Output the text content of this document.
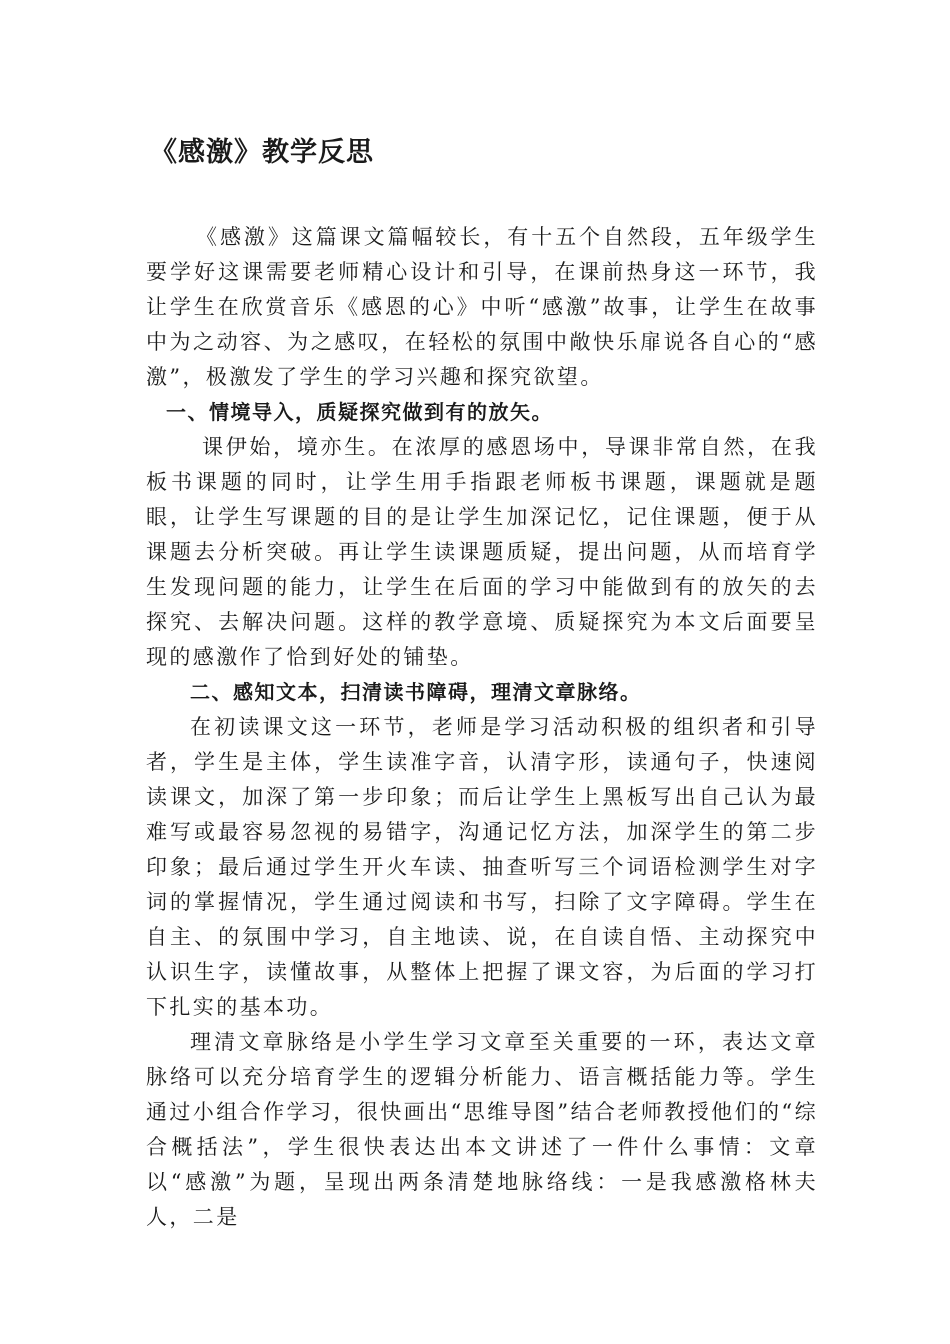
《感激》教学反思

《感激》这篇课文篇幅较长，有十五个自然段，五年级学生要学好这课需要老师精心设计和引导，在课前热身这一环节，我让学生在欣赏音乐《感恩的心》中听“感激”故事，让学生在故事中为之动容、为之感叹，在轻松的氛围中敞快乐扉说各自心的“感激”，极激发了学生的学习兴趣和探究欲望。

一、情境导入，质疑探究做到有的放矢。

课伊始，境亦生。在浓厚的感恩场中，导课非常自然，在我板书课题的同时，让学生用手指跟老师板书课题，课题就是题眼，让学生写课题的目的是让学生加深记忆，记住课题，便于从课题去分析突破。再让学生读课题质疑，提出问题，从而培育学生发现问题的能力，让学生在后面的学习中能做到有的放矢的去探究、去解决问题。这样的教学意境、质疑探究为本文后面要呈现的感激作了恰到好处的铺垫。

二、感知文本，扫清读书障碍，理清文章脉络。

在初读课文这一环节，老师是学习活动积极的组织者和引导者，学生是主体，学生读准字音，认清字形，读通句子，快速阅读课文，加深了第一步印象；而后让学生上黑板写出自己认为最难写或最容易忽视的易错字，沟通记忆方法，加深学生的第二步印象；最后通过学生开火车读、抽查听写三个词语检测学生对字词的掌握情况，学生通过阅读和书写，扫除了文字障碍。学生在自主、的氛围中学习，自主地读、说，在自读自悟、主动探究中认识生字，读懂故事，从整体上把握了课文容，为后面的学习打下扎实的基本功。

理清文章脉络是小学生学习文章至关重要的一环，表达文章脉络可以充分培育学生的逻辑分析能力、语言概括能力等。学生通过小组合作学习，很快画出“思维导图”结合老师教授他们的“综合概括法”，学生很快表达出本文讲述了一件什么事情：文章以“感激”为题，呈现出两条清楚地脉络线：一是我感激格林夫人，二是
